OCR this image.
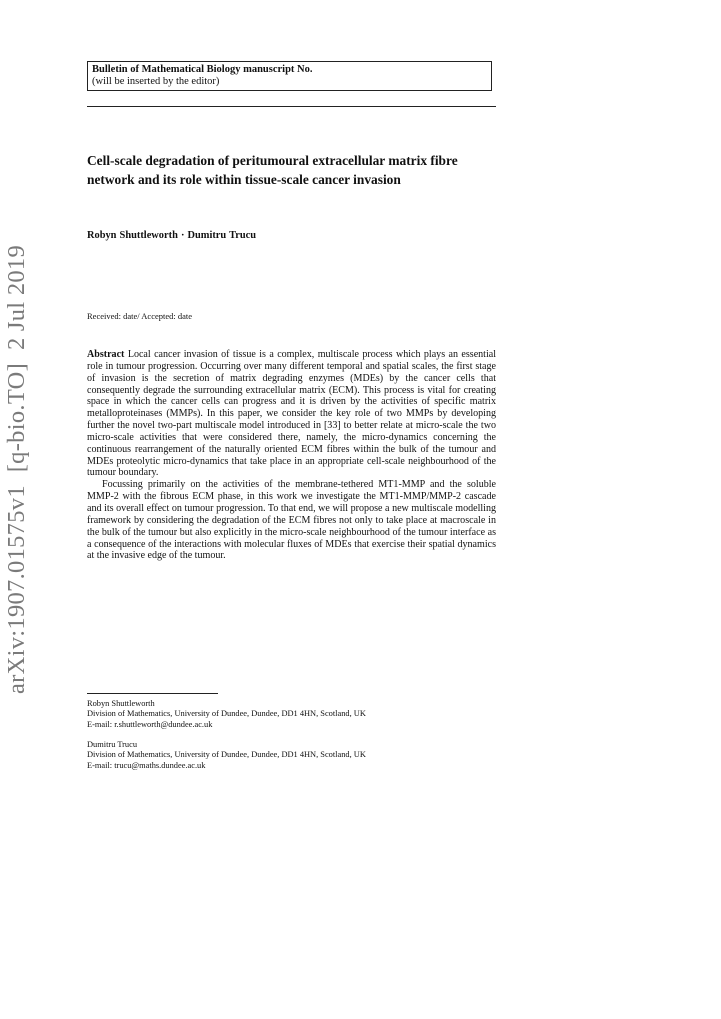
Bulletin of Mathematical Biology manuscript No.
(will be inserted by the editor)
Cell-scale degradation of peritumoural extracellular matrix fibre network and its role within tissue-scale cancer invasion
Robyn Shuttleworth · Dumitru Trucu
Received: date/ Accepted: date

Abstract Local cancer invasion of tissue is a complex, multiscale process which plays an essential role in tumour progression. Occurring over many different temporal and spatial scales, the first stage of invasion is the secretion of matrix degrading enzymes (MDEs) by the cancer cells that consequently degrade the surrounding extracellular matrix (ECM). This process is vital for creating space in which the cancer cells can progress and it is driven by the activities of specific matrix metalloproteinases (MMPs). In this paper, we consider the key role of two MMPs by developing further the novel two-part multiscale model introduced in [33] to better relate at micro-scale the two micro-scale activities that were considered there, namely, the micro-dynamics concerning the continuous rearrangement of the naturally oriented ECM fibres within the bulk of the tumour and MDEs proteolytic micro-dynamics that take place in an appropriate cell-scale neighbourhood of the tumour boundary.

Focussing primarily on the activities of the membrane-tethered MT1-MMP and the soluble MMP-2 with the fibrous ECM phase, in this work we investigate the MT1-MMP/MMP-2 cascade and its overall effect on tumour progression. To that end, we will propose a new multiscale modelling framework by considering the degradation of the ECM fibres not only to take place at macroscale in the bulk of the tumour but also explicitly in the micro-scale neighbourhood of the tumour interface as a consequence of the interactions with molecular fluxes of MDEs that exercise their spatial dynamics at the invasive edge of the tumour.

Robyn Shuttleworth
Division of Mathematics, University of Dundee, Dundee, DD1 4HN, Scotland, UK
E-mail: r.shuttleworth@dundee.ac.uk
Dumitru Trucu
Division of Mathematics, University of Dundee, Dundee, DD1 4HN, Scotland, UK
E-mail: trucu@maths.dundee.ac.uk
arXiv:1907.01575v1  [q-bio.TO]  2 Jul 2019
